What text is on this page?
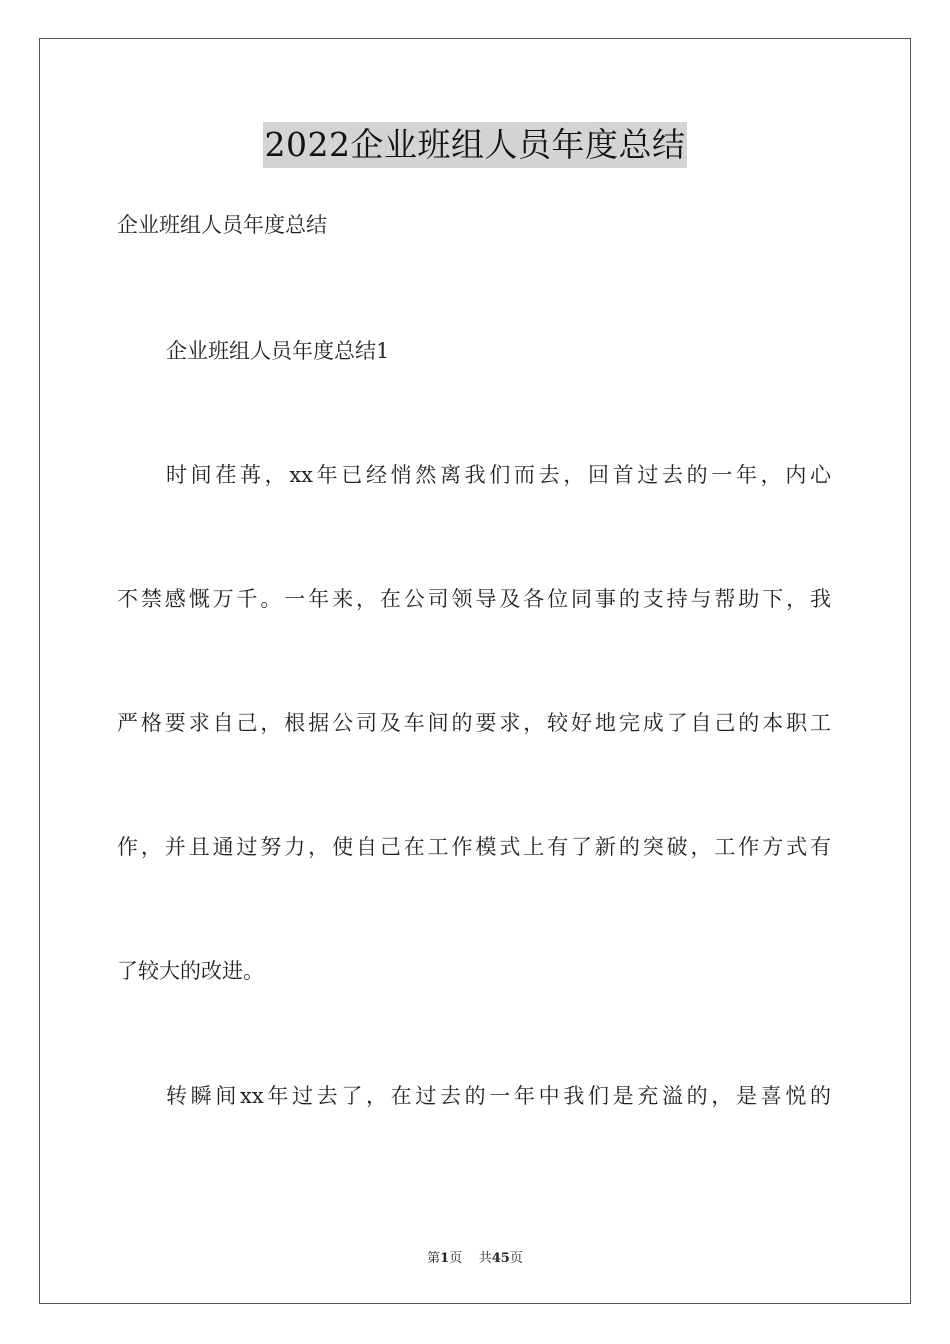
2022企业班组人员年度总结
企业班组人员年度总结
企业班组人员年度总结1
时间荏苒，xx年已经悄然离我们而去，回首过去的一年，内心
不禁感慨万千。一年来，在公司领导及各位同事的支持与帮助下，我
严格要求自己，根据公司及车间的要求，较好地完成了自己的本职工
作，并且通过努力，使自己在工作模式上有了新的突破，工作方式有
了较大的改进。
转瞬间xx年过去了，在过去的一年中我们是充溢的，是喜悦的
第1页 共45页
